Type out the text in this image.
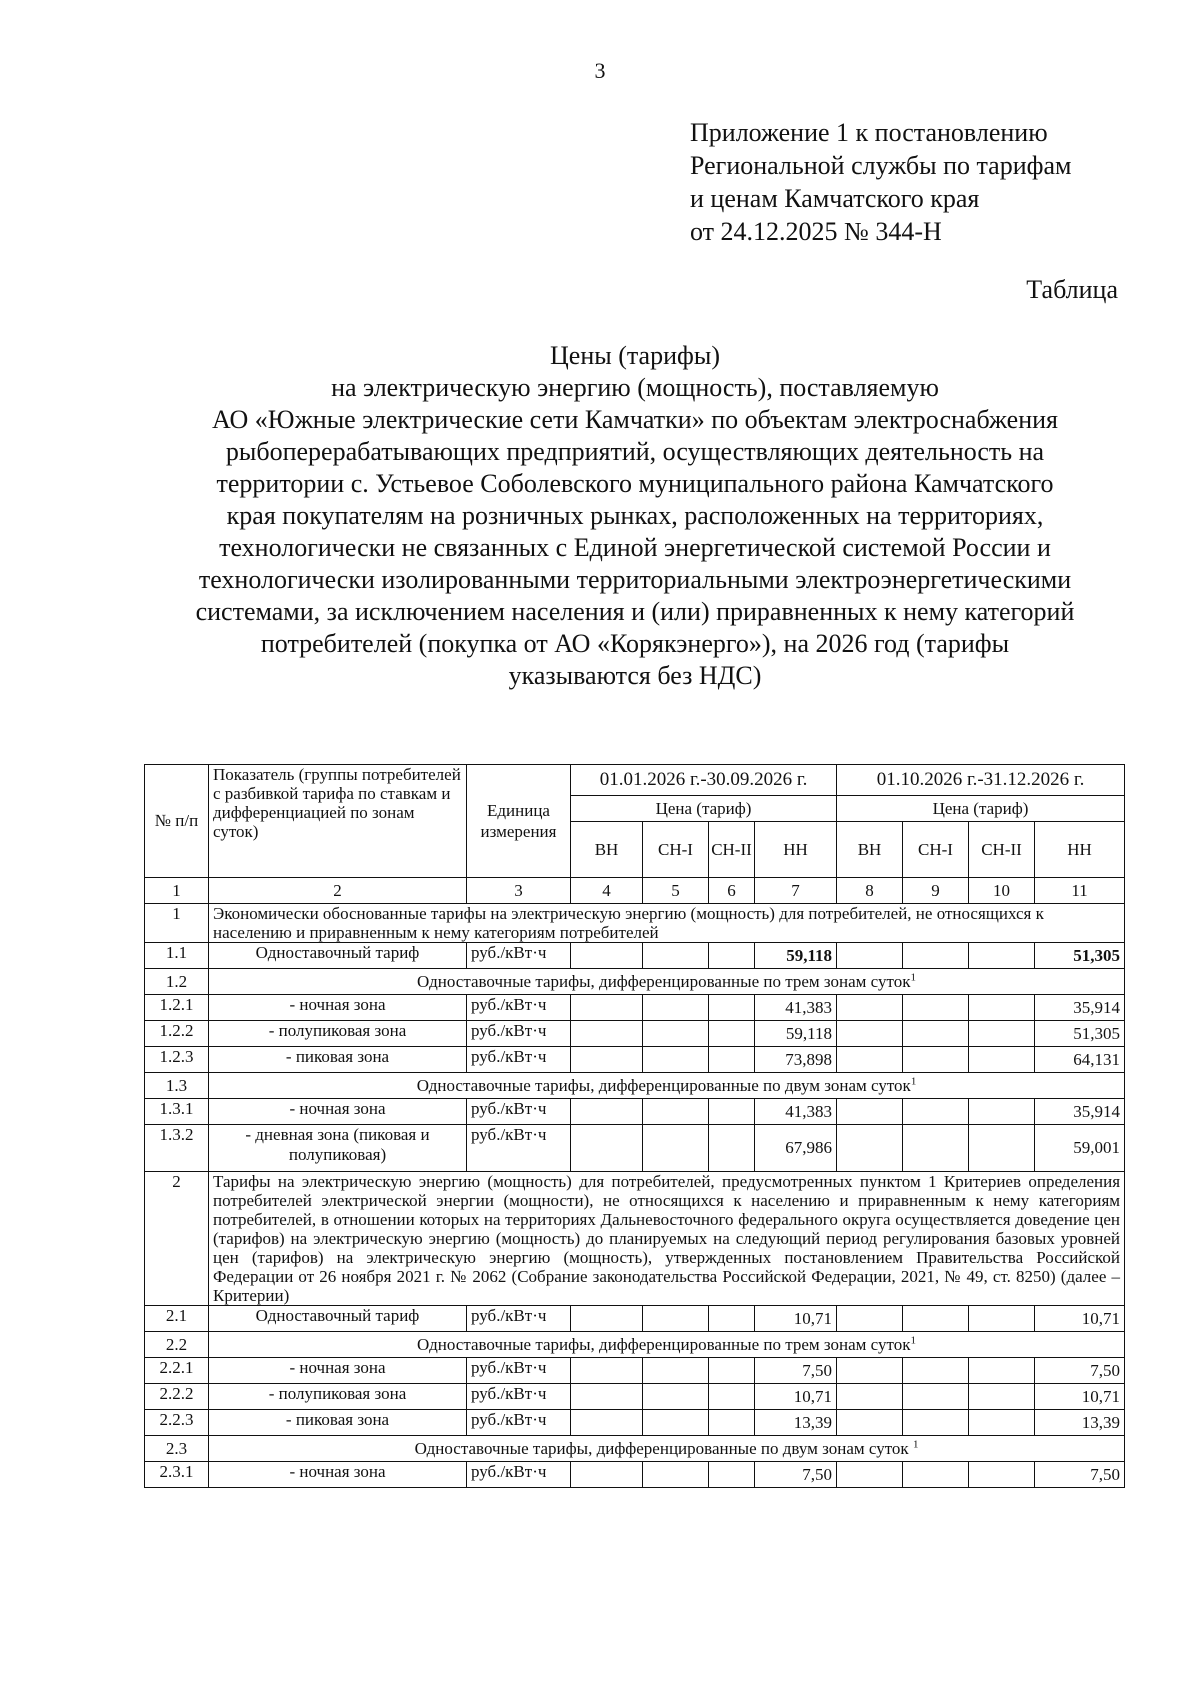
3
Приложение 1 к постановлению
Региональной службы по тарифам
и ценам Камчатского края
от 24.12.2025 № 344-Н
Таблица
Цены (тарифы)
на электрическую энергию (мощность), поставляемую
АО «Южные электрические сети Камчатки» по объектам электроснабжения
рыбоперерабатывающих предприятий, осуществляющих деятельность на
территории с. Устьевое Соболевского муниципального района Камчатского
края покупателям на розничных рынках, расположенных на территориях,
технологически не связанных с Единой энергетической системой России и
технологически изолированными территориальными электроэнергетическими
системами, за исключением населения и (или) приравненных к нему категорий
потребителей (покупка от АО «Корякэнерго»), на 2026 год (тарифы
указываются без НДС)
№ п/п	Показатель (группы потребителей с разбивкой тарифа по ставкам и дифференциацией по зонам суток)	Единица измерения	01.01.2026 г.-30.09.2026 г.				01.10.2026 г.-31.12.2026 г.			
			Цена (тариф)				Цена (тариф)			
			ВН	СН-I	СН-II	НН	ВН	СН-I	СН-II	НН
1	2	3	4	5	6	7	8	9	10	11
1	Экономически обоснованные тарифы на электрическую энергию (мощность) для потребителей, не относящихся к населению и приравненным к нему категориям потребителей									
1.1	Одноставочный тариф	руб./кВт·ч				59,118				51,305
1.2	Одноставочные тарифы, дифференцированные по трем зонам суток$^1$
1.2.1	- ночная зона	руб./кВт·ч				41,383				35,914
1.2.2	- полупиковая зона	руб./кВт·ч				59,118				51,305
1.2.3	- пиковая зона	руб./кВт·ч				73,898				64,131
1.3	Одноставочные тарифы, дифференцированные по двум зонам суток$^1$
1.3.1	- ночная зона	руб./кВт·ч				41,383				35,914
1.3.2	- дневная зона (пиковая и полупиковая)	руб./кВт·ч				67,986				59,001
2	Тарифы на электрическую энергию (мощность) для потребителей, предусмотренных пунктом 1 Критериев определения потребителей электрической энергии (мощности), не относящихся к населению и приравненным к нему категориям потребителей, в отношении которых на территориях Дальневосточного федерального округа осуществляется доведение цен (тарифов) на электрическую энергию (мощность) до планируемых на следующий период регулирования базовых уровней цен (тарифов) на электрическую энергию (мощность), утвержденных постановлением Правительства Российской Федерации от 26 ноября 2021 г. № 2062 (Собрание законодательства Российской Федерации, 2021, № 49, ст. 8250) (далее – Критерии)									
2.1	Одноставочный тариф	руб./кВт·ч				10,71				10,71
2.2	Одноставочные тарифы, дифференцированные по трем зонам суток$^1$
2.2.1	- ночная зона	руб./кВт·ч				7,50				7,50
2.2.2	- полупиковая зона	руб./кВт·ч				10,71				10,71
2.2.3	- пиковая зона	руб./кВт·ч				13,39				13,39
2.3	Одноставочные тарифы, дифференцированные по двум зонам суток $^1$
2.3.1	- ночная зона	руб./кВт·ч				7,50				7,50
